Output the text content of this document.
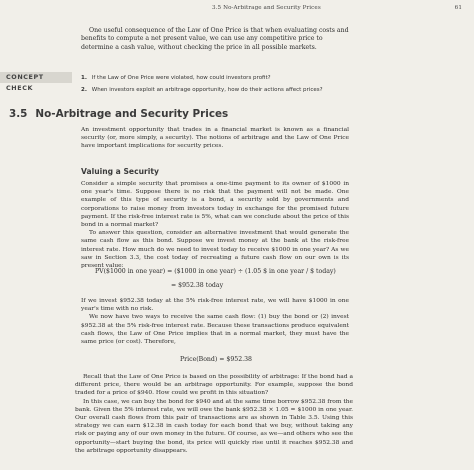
3.5 No-Arbitrage and Security Prices	61

One useful consequence of the Law of One Price is that when evaluating costs and benefits to compute a net present value, we can use any competitive price to determine a cash value, without checking the price in all possible markets.

CONCEPT CHECK
1. If the Law of One Price were violated, how could investors profit?
2. When investors exploit an arbitrage opportunity, how do their actions affect prices?
3.5 No-Arbitrage and Security Prices

An investment opportunity that trades in a financial market is known as a financial security (or, more simply, a security). The notions of arbitrage and the Law of One Price have important implications for security prices.

Valuing a Security

Consider a simple security that promises a one-time payment to its owner of $1000 in one year's time. Suppose there is no risk that the payment will not be made. One example of this type of security is a bond, a security sold by governments and corporations to raise money from investors today in exchange for the promised future payment. If the risk-free interest rate is 5%, what can we conclude about the price of this bond in a normal market?

To answer this question, consider an alternative investment that would generate the same cash flow as this bond. Suppose we invest money at the bank at the risk-free interest rate. How much do we need to invest today to receive $1000 in one year? As we saw in Section 3.3, the cost today of recreating a future cash flow on our own is its present value:

PV($1000 in one year) = ($1000 in one year) ÷ (1.05 $ in one year / $ today)
= $952.38 today

If we invest $952.38 today at the 5% risk-free interest rate, we will have $1000 in one year's time with no risk.

We now have two ways to receive the same cash flow: (1) buy the bond or (2) invest $952.38 at the 5% risk-free interest rate. Because these transactions produce equivalent cash flows, the Law of One Price implies that in a normal market, they must have the same price (or cost). Therefore,

Price(Bond) = $952.38

Recall that the Law of One Price is based on the possibility of arbitrage: If the bond had a different price, there would be an arbitrage opportunity. For example, suppose the bond traded for a price of $940. How could we profit in this situation?

In this case, we can buy the bond for $940 and at the same time borrow $952.38 from the bank. Given the 5% interest rate, we will owe the bank $952.38 × 1.05 = $1000 in one year. Our overall cash flows from this pair of transactions are as shown in Table 3.5. Using this strategy we can earn $12.38 in cash today for each bond that we buy, without taking any risk or paying any of our own money in the future. Of course, as we—and others who see the opportunity—start buying the bond, its price will quickly rise until it reaches $952.38 and the arbitrage opportunity disappears.
